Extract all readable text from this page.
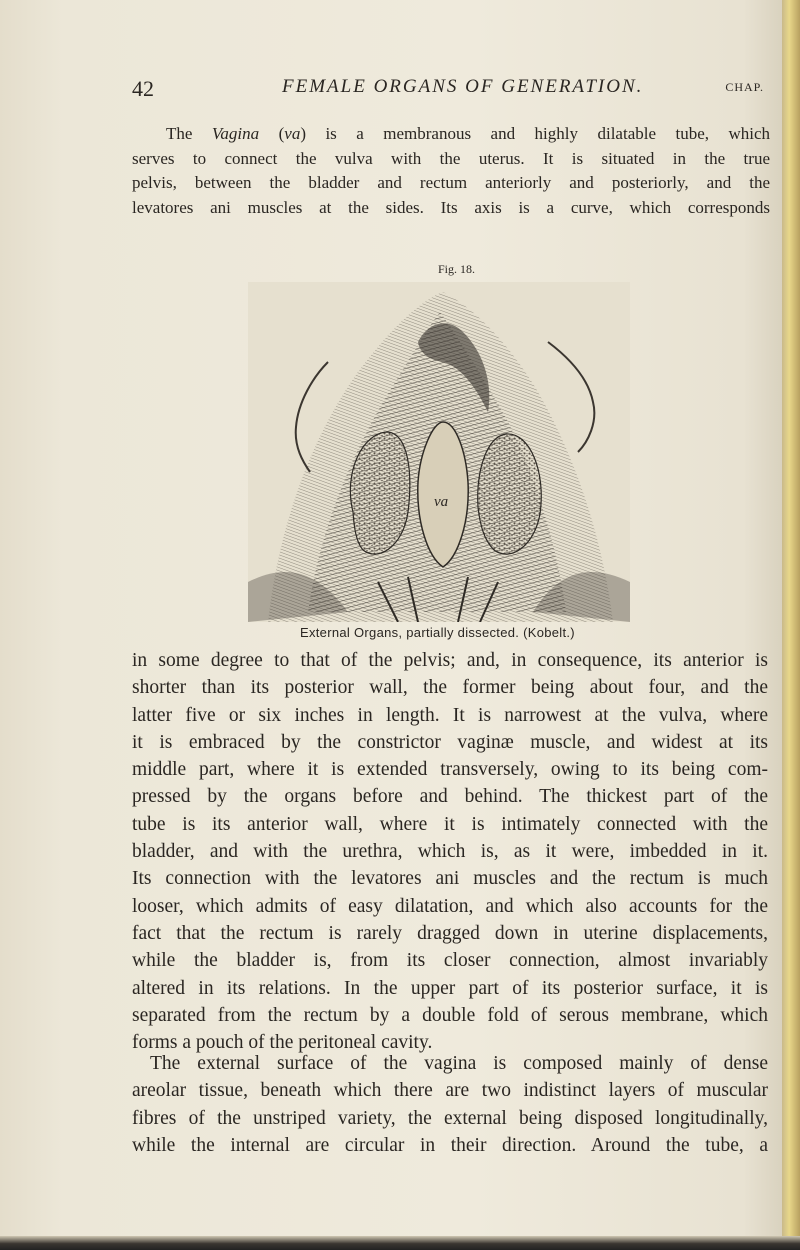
42	FEMALE ORGANS OF GENERATION.	CHAP.

The Vagina (va) is a membranous and highly dilatable tube, which
serves to connect the vulva with the uterus. It is situated in the true
pelvis, between the bladder and rectum anteriorly and posteriorly, and the
levatores ani muscles at the sides. Its axis is a curve, which corresponds

Fig. 18.
va
External Organs, partially dissected. (Kobelt.)

in some degree to that of the pelvis; and, in consequence, its anterior is
shorter than its posterior wall, the former being about four, and the
latter five or six inches in length. It is narrowest at the vulva, where
it is embraced by the constrictor vaginæ muscle, and widest at its
middle part, where it is extended transversely, owing to its being com-
pressed by the organs before and behind. The thickest part of the
tube is its anterior wall, where it is intimately connected with the
bladder, and with the urethra, which is, as it were, imbedded in it.
Its connection with the levatores ani muscles and the rectum is much
looser, which admits of easy dilatation, and which also accounts for the
fact that the rectum is rarely dragged down in uterine displacements,
while the bladder is, from its closer connection, almost invariably
altered in its relations. In the upper part of its posterior surface, it is
separated from the rectum by a double fold of serous membrane, which
forms a pouch of the peritoneal cavity.

The external surface of the vagina is composed mainly of dense
areolar tissue, beneath which there are two indistinct layers of muscular
fibres of the unstriped variety, the external being disposed longitudinally,
while the internal are circular in their direction. Around the tube, a
